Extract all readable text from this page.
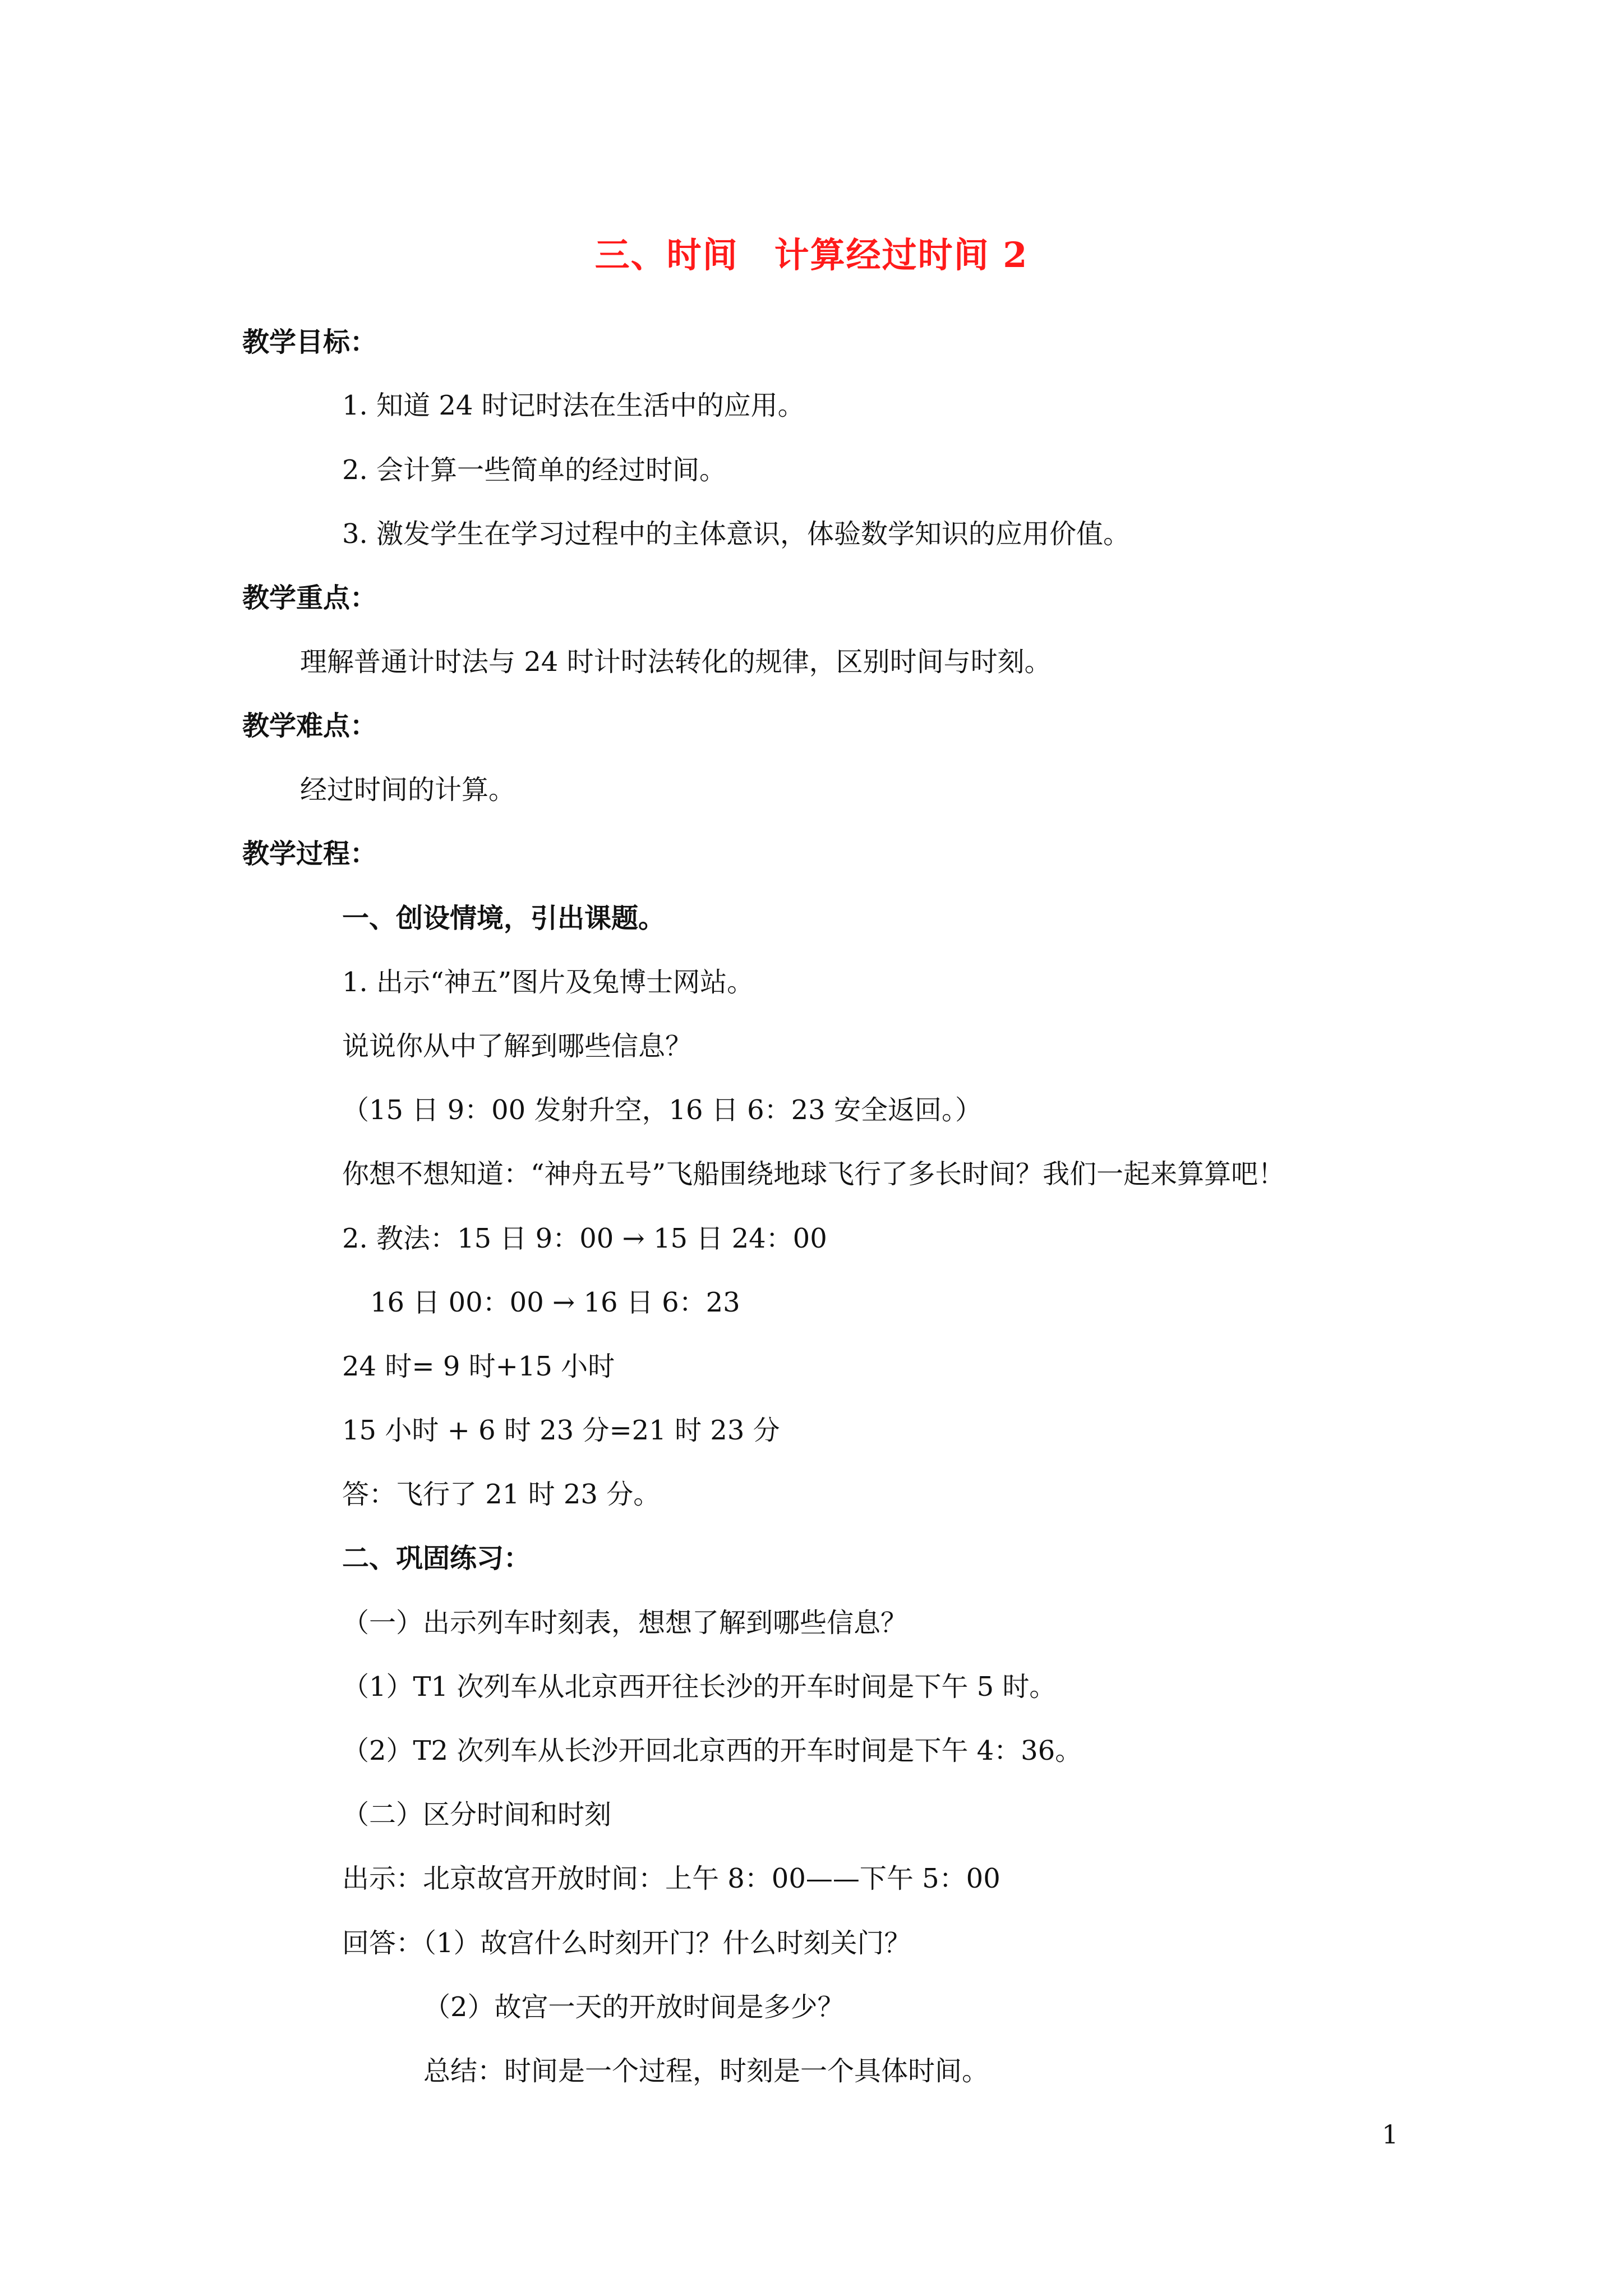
三、时间　计算经过时间 2
教学目标：
1. 知道 24 时记时法在生活中的应用。
2. 会计算一些简单的经过时间。
3. 激发学生在学习过程中的主体意识，体验数学知识的应用价值。
教学重点：
理解普通计时法与 24 时计时法转化的规律，区别时间与时刻。
教学难点：
经过时间的计算。
教学过程：
一、创设情境，引出课题。
1. 出示“神五”图片及兔博士网站。
说说你从中了解到哪些信息？
（15 日 9：00 发射升空，16 日 6：23 安全返回。）
你想不想知道：“神舟五号”飞船围绕地球飞行了多长时间？我们一起来算算吧！
2. 教法：15 日 9：00 → 15 日 24：00
16 日 00：00 → 16 日 6：23
24 时= 9 时+15 小时
15 小时 + 6 时 23 分=21 时 23 分
答：飞行了 21 时 23 分。
二、巩固练习：
（一）出示列车时刻表，想想了解到哪些信息？
（1）T1 次列车从北京西开往长沙的开车时间是下午 5 时。
（2）T2 次列车从长沙开回北京西的开车时间是下午 4：36。
（二）区分时间和时刻
出示：北京故宫开放时间：上午 8：00——下午 5：00
回答：（1）故宫什么时刻开门？什么时刻关门？
（2）故宫一天的开放时间是多少？
总结：时间是一个过程，时刻是一个具体时间。
1
